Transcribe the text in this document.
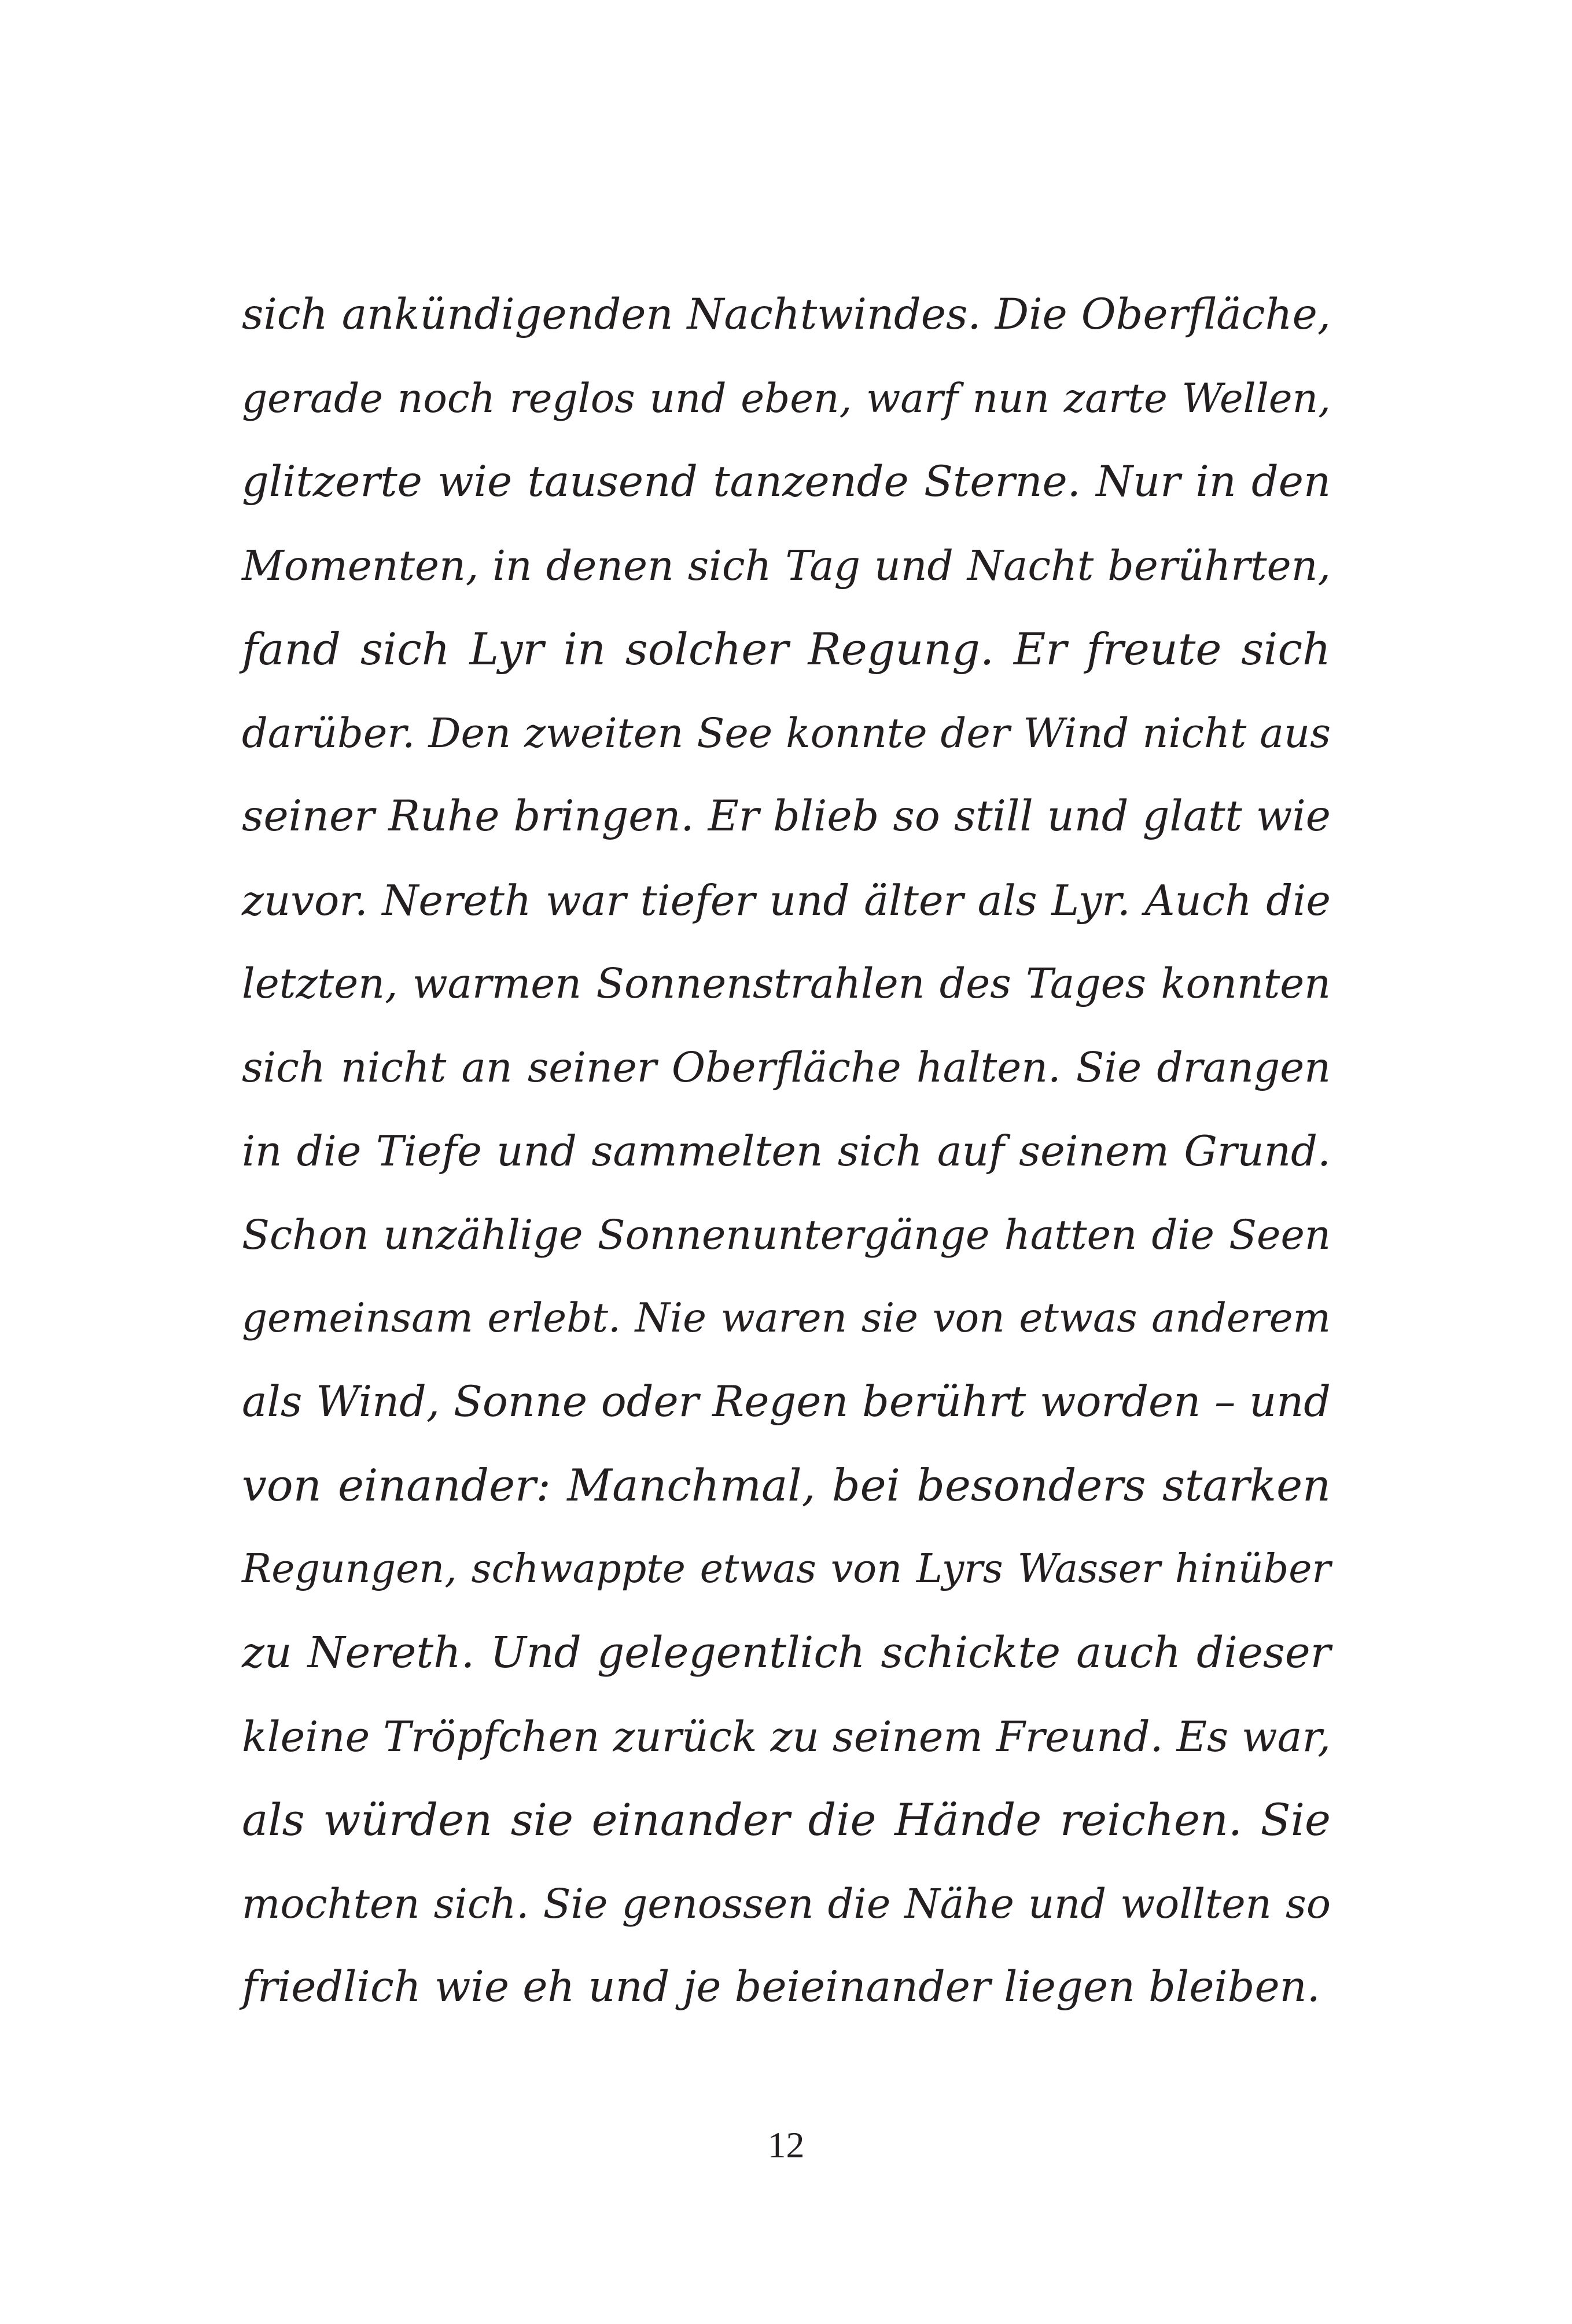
sich ankündigenden Nachtwindes. Die Oberfläche,
gerade noch reglos und eben, warf nun zarte Wellen,
glitzerte wie tausend tanzende Sterne. Nur in den
Momenten, in denen sich Tag und Nacht berührten,
fand sich Lyr in solcher Regung. Er freute sich
darüber. Den zweiten See konnte der Wind nicht aus
seiner Ruhe bringen. Er blieb so still und glatt wie
zuvor. Nereth war tiefer und älter als Lyr. Auch die
letzten, warmen Sonnenstrahlen des Tages konnten
sich nicht an seiner Oberfläche halten. Sie drangen
in die Tiefe und sammelten sich auf seinem Grund.
Schon unzählige Sonnenuntergänge hatten die Seen
gemeinsam erlebt. Nie waren sie von etwas anderem
als Wind, Sonne oder Regen berührt worden – und
von einander: Manchmal, bei besonders starken
Regungen, schwappte etwas von Lyrs Wasser hinüber
zu Nereth. Und gelegentlich schickte auch dieser
kleine Tröpfchen zurück zu seinem Freund. Es war,
als würden sie einander die Hände reichen. Sie
mochten sich. Sie genossen die Nähe und wollten so
friedlich wie eh und je beieinander liegen bleiben.
12
